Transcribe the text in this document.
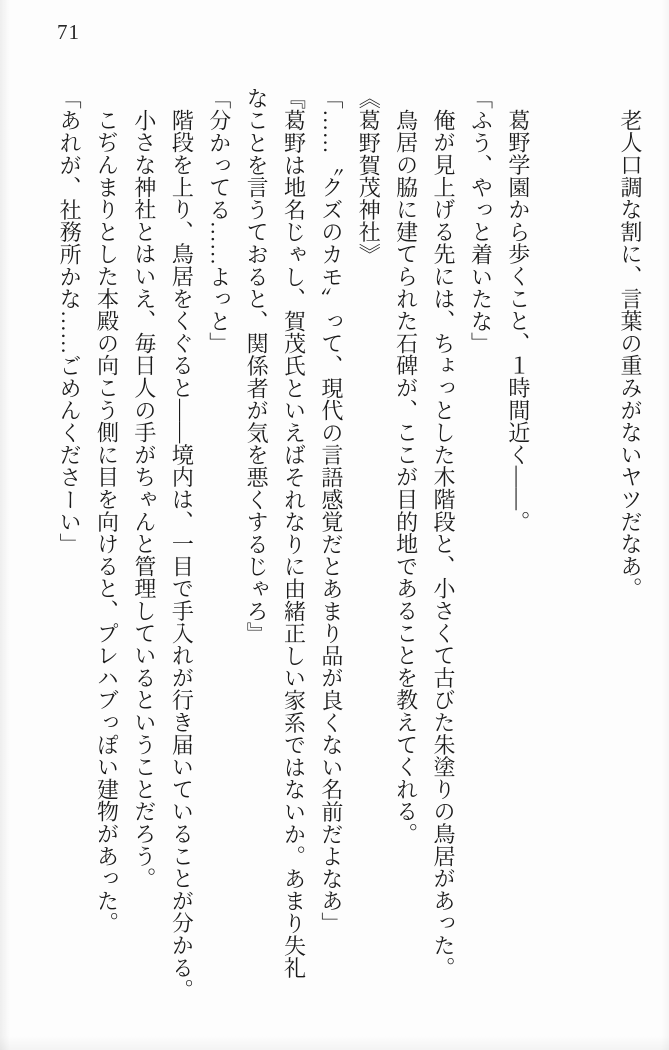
71

老人口調な割に、言葉の重みがないヤツだなあ。

葛野学園から歩くこと、１時間近く――。

「ふう、やっと着いたな」

俺が見上げる先には、ちょっとした木階段と、小さくて古びた朱塗りの鳥居があった。

鳥居の脇に建てられた石碑が、ここが目的地であることを教えてくれる。

《葛野賀茂神社》

「……〝クズのカモ〟って、現代の言語感覚だとあまり品が良くない名前だよなあ」

『葛野は地名じゃし、賀茂氏といえばそれなりに由緒正しい家系ではないか。あまり失礼

なことを言うておると、関係者が気を悪くするじゃろ』

「分かってる……よっと」

階段を上り、鳥居をくぐると――境内は、一目で手入れが行き届いていることが分かる。

小さな神社とはいえ、毎日人の手がちゃんと管理しているということだろう。

こぢんまりとした本殿の向こう側に目を向けると、プレハブっぽい建物があった。

「あれが、社務所かな……ごめんくださーい」
